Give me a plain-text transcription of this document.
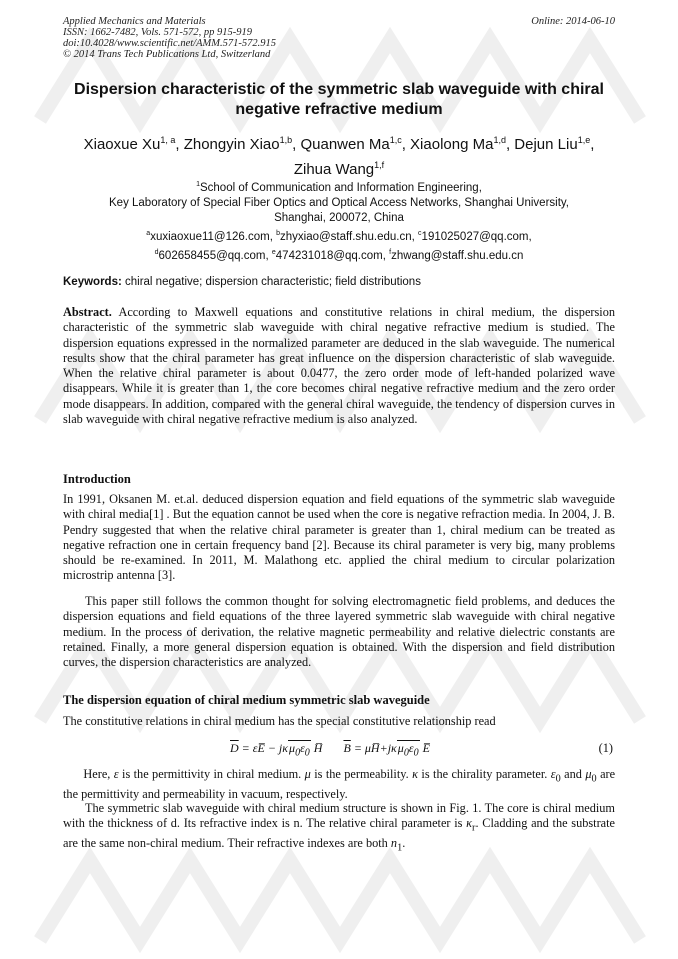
Applied Mechanics and Materials
ISSN: 1662-7482, Vols. 571-572, pp 915-919
doi:10.4028/www.scientific.net/AMM.571-572.915
© 2014 Trans Tech Publications Ltd, Switzerland
Online: 2014-06-10
Dispersion characteristic of the symmetric slab waveguide with chiral
negative refractive medium
Xiaoxue Xu$^{1, a}$, Zhongyin Xiao$^{1,b}$, Quanwen Ma$^{1,c}$, Xiaolong Ma$^{1,d}$, Dejun Liu$^{1,e}$,
Zihua Wang$^{1,f}$
$^1$School of Communication and Information Engineering,
Key Laboratory of Special Fiber Optics and Optical Access Networks, Shanghai University,
Shanghai, 200072, China
$^a$xuxiaoxue11@126.com, $^b$zhyxiao@staff.shu.edu.cn, $^c$191025027@qq.com,
$^d$602658455@qq.com, $^e$474231018@qq.com, $^f$zhwang@staff.shu.edu.cn
Keywords: chiral negative; dispersion characteristic; field distributions
Abstract. According to Maxwell equations and constitutive relations in chiral medium, the dispersion characteristic of the symmetric slab waveguide with chiral negative refractive medium is studied. The dispersion equations expressed in the normalized parameter are deduced in the slab waveguide. The numerical results show that the chiral parameter has great influence on the dispersion characteristic of slab waveguide. When the relative chiral parameter is about 0.0477, the zero order mode of left-handed polarized wave disappears. While it is greater than 1, the core becomes chiral negative refractive medium and the zero order mode disappears. In addition, compared with the general chiral waveguide, the tendency of dispersion curves in slab waveguide with chiral negative refractive medium is also analyzed.
Introduction
In 1991, Oksanen M. et.al. deduced dispersion equation and field equations of the symmetric slab waveguide with chiral media[1] . But the equation cannot be used when the core is negative refraction media. In 2004, J. B. Pendry suggested that when the relative chiral parameter is greater than 1, chiral medium can be treated as negative refraction one in certain frequency band [2]. Because its chiral parameter is very big, many problems should be re-examined. In 2011, M. Malathong etc. applied the chiral medium to circular polarization microstrip antenna [3].
This paper still follows the common thought for solving electromagnetic field problems, and deduces the dispersion equations and field equations of the three layered symmetric slab waveguide with chiral negative medium. In the process of derivation, the relative magnetic permeability and relative dielectric constants are retained. Finally, a more general dispersion equation is obtained. With the dispersion and field distribution curves, the dispersion characteristics are analyzed.
The dispersion equation of chiral medium symmetric slab waveguide
The constitutive relations in chiral medium has the special constitutive relationship read
$\overline{D}$ = εE̅ − $j\kappa\mu_0\varepsilon_0$ H̅       $\overline{B}$ = $\mu H̅+j\kappa\mu_0\varepsilon_0$ E̅	(1)
Here, ε is the permittivity in chiral medium. μ is the permeability. κ is the chirality parameter. $\varepsilon_0$ and $\mu_0$ are the permittivity and permeability in vacuum, respectively.
The symmetric slab waveguide with chiral medium structure is shown in Fig. 1. The core is chiral medium with the thickness of d. Its refractive index is n. The relative chiral parameter is $\kappa_r$. Cladding and the substrate are the same non-chiral medium. Their refractive indexes are both $n_1$.
